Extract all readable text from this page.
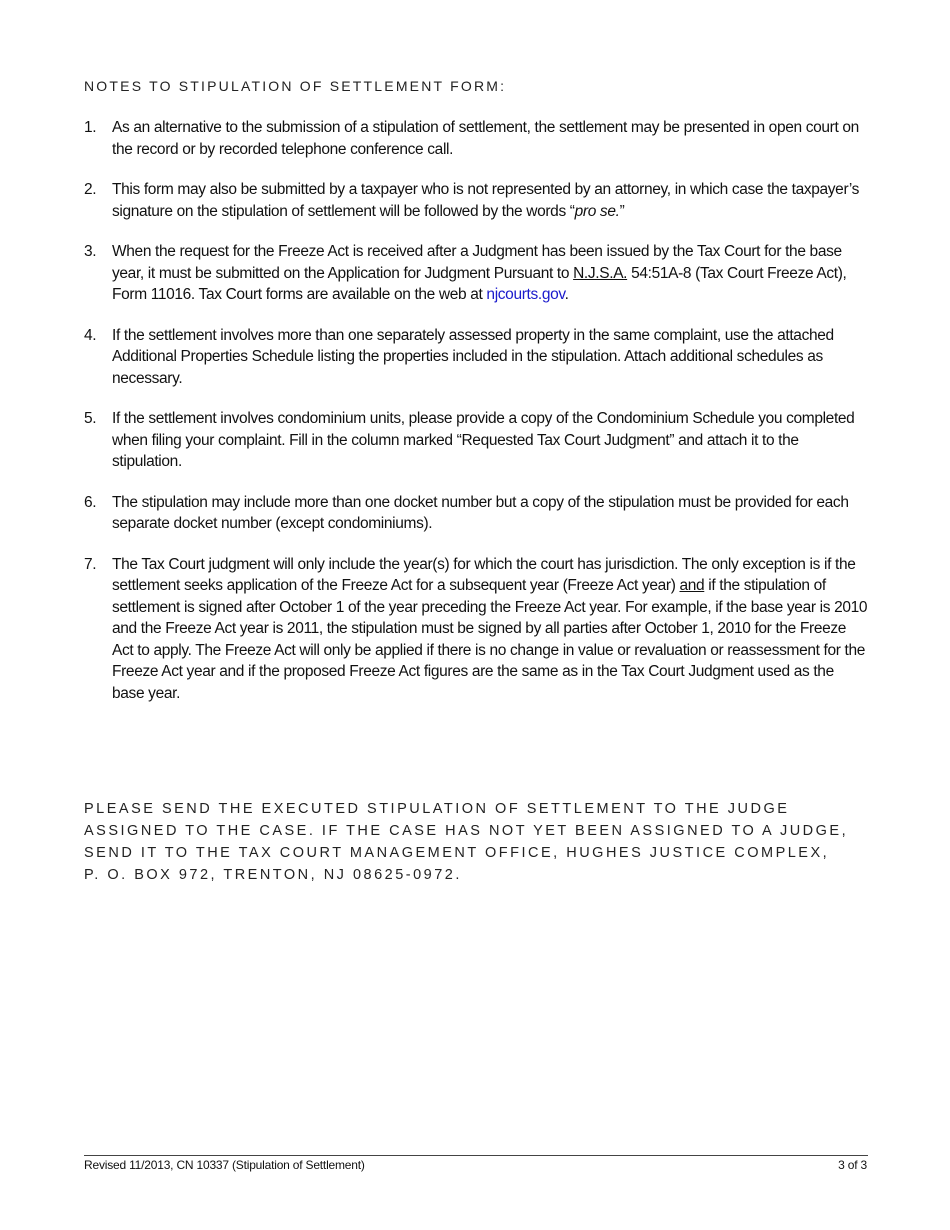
NOTES TO STIPULATION OF SETTLEMENT FORM:
1. As an alternative to the submission of a stipulation of settlement, the settlement may be presented in open court on the record or by recorded telephone conference call.
2. This form may also be submitted by a taxpayer who is not represented by an attorney, in which case the taxpayer’s signature on the stipulation of settlement will be followed by the words “pro se.”
3. When the request for the Freeze Act is received after a Judgment has been issued by the Tax Court for the base year, it must be submitted on the Application for Judgment Pursuant to N.J.S.A. 54:51A-8 (Tax Court Freeze Act), Form 11016. Tax Court forms are available on the web at njcourts.gov.
4. If the settlement involves more than one separately assessed property in the same complaint, use the attached Additional Properties Schedule listing the properties included in the stipulation. Attach additional schedules as necessary.
5. If the settlement involves condominium units, please provide a copy of the Condominium Schedule you completed when filing your complaint. Fill in the column marked “Requested Tax Court Judgment” and attach it to the stipulation.
6. The stipulation may include more than one docket number but a copy of the stipulation must be provided for each separate docket number (except condominiums).
7. The Tax Court judgment will only include the year(s) for which the court has jurisdiction. The only exception is if the settlement seeks application of the Freeze Act for a subsequent year (Freeze Act year) and if the stipulation of settlement is signed after October 1 of the year preceding the Freeze Act year. For example, if the base year is 2010 and the Freeze Act year is 2011, the stipulation must be signed by all parties after October 1, 2010 for the Freeze Act to apply. The Freeze Act will only be applied if there is no change in value or revaluation or reassessment for the Freeze Act year and if the proposed Freeze Act figures are the same as in the Tax Court Judgment used as the base year.
PLEASE SEND THE EXECUTED STIPULATION OF SETTLEMENT TO THE JUDGE
ASSIGNED TO THE CASE. IF THE CASE HAS NOT YET BEEN ASSIGNED TO A JUDGE,
SEND IT TO THE TAX COURT MANAGEMENT OFFICE, HUGHES JUSTICE COMPLEX,
P. O. BOX 972, TRENTON, NJ 08625-0972.
Revised 11/2013, CN 10337 (Stipulation of Settlement)	3 of 3
